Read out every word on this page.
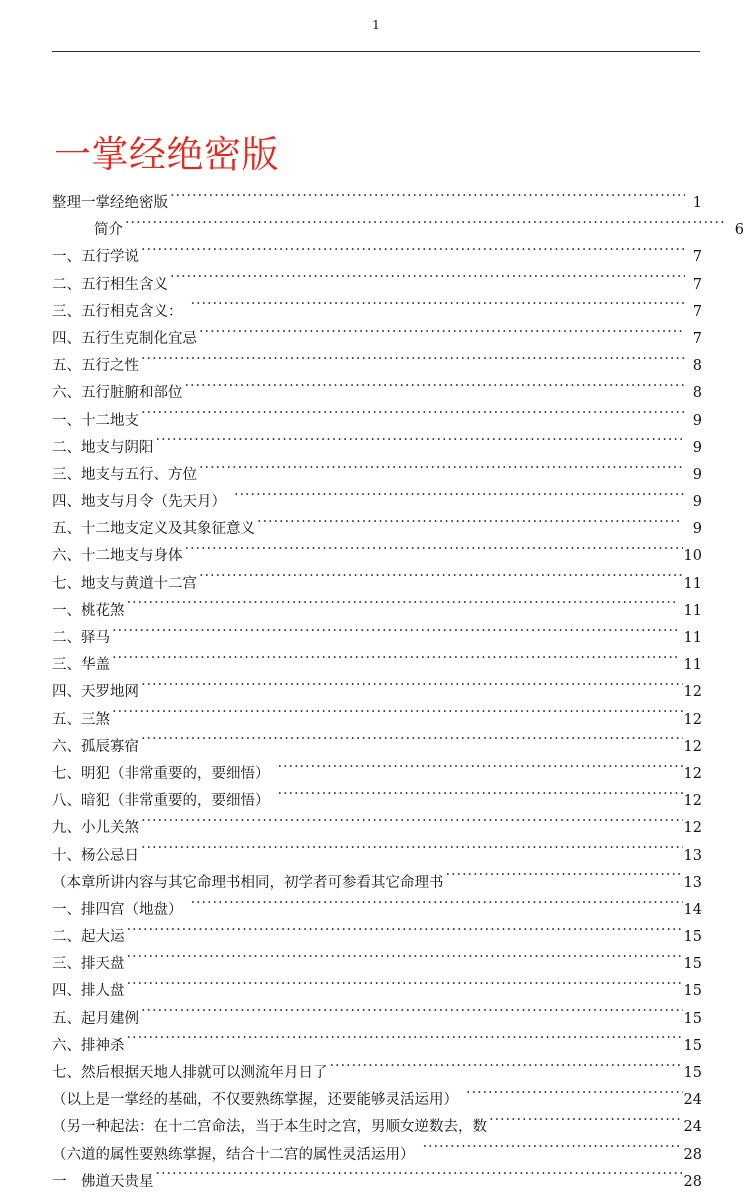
1
一掌经绝密版
整理一掌经绝密版 .....	1
简介 .....	6
一、五行学说 .....	7
二、五行相生含义 .....	7
三、五行相克含义： .....	7
四、五行生克制化宜忌 .....	7
五、五行之性 .....	8
六、五行脏腑和部位 .....	8
一、十二地支 .....	9
二、地支与阴阳 .....	9
三、地支与五行、方位 .....	9
四、地支与月令（先天月） .....	9
五、十二地支定义及其象征意义 .....	9
六、十二地支与身体 .....	10
七、地支与黄道十二宫 .....	11
一、桃花煞 .....	11
二、驿马 .....	11
三、华盖 .....	11
四、天罗地网 .....	12
五、三煞 .....	12
六、孤辰寡宿 .....	12
七、明犯（非常重要的，要细悟） .....	12
八、暗犯（非常重要的，要细悟） .....	12
九、小儿关煞 .....	12
十、杨公忌日 .....	13
（本章所讲内容与其它命理书相同，初学者可参看其它命理书 .....	13
一、排四宫（地盘） .....	14
二、起大运 .....	15
三、排天盘 .....	15
四、排人盘 .....	15
五、起月建例 .....	15
六、排神杀 .....	15
七、然后根据天地人排就可以测流年月日了 .....	15
（以上是一掌经的基础，不仅要熟练掌握，还要能够灵活运用） .....	24
（另一种起法：在十二宫命法，当于本生时之宫，男顺女逆数去，数 .....	24
（六道的属性要熟练掌握，结合十二宫的属性灵活运用） .....	28
一　佛道天贵星 .....	28
